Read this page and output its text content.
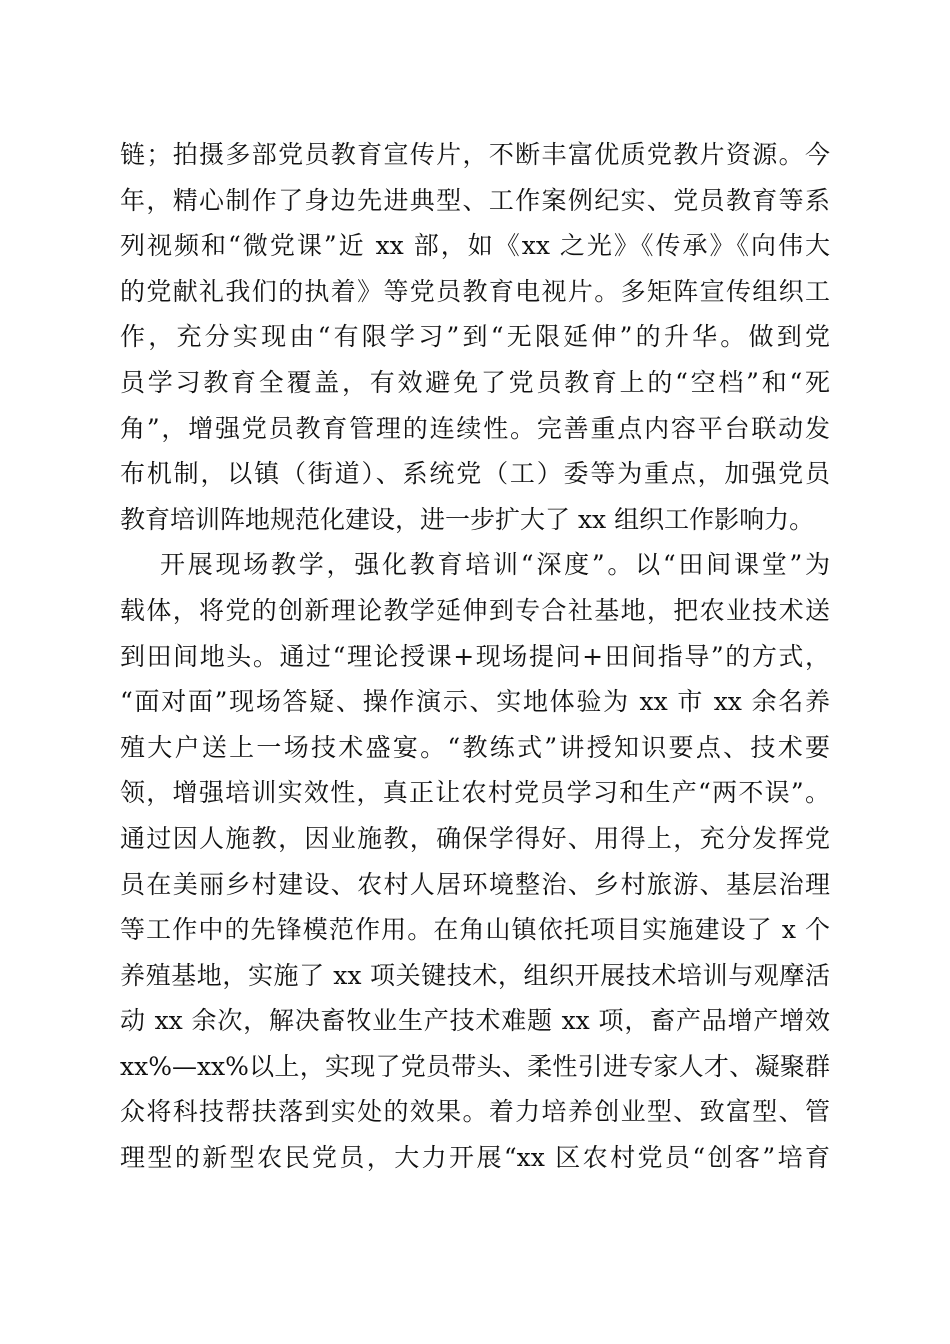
链；拍摄多部党员教育宣传片，不断丰富优质党教片资源。今
年，精心制作了身边先进典型、工作案例纪实、党员教育等系
列视频和“微党课”近 xx 部，如《xx 之光》《传承》《向伟大
的党献礼我们的执着》等党员教育电视片。多矩阵宣传组织工
作，充分实现由“有限学习”到“无限延伸”的升华。做到党
员学习教育全覆盖，有效避免了党员教育上的“空档”和“死
角”，增强党员教育管理的连续性。完善重点内容平台联动发
布机制，以镇（街道）、系统党（工）委等为重点，加强党员
教育培训阵地规范化建设，进一步扩大了 xx 组织工作影响力。
开展现场教学，强化教育培训“深度”。以“田间课堂”为
载体，将党的创新理论教学延伸到专合社基地，把农业技术送
到田间地头。通过“理论授课+现场提问+田间指导”的方式，
“面对面”现场答疑、操作演示、实地体验为 xx 市 xx 余名养
殖大户送上一场技术盛宴。“教练式”讲授知识要点、技术要
领，增强培训实效性，真正让农村党员学习和生产“两不误”。
通过因人施教，因业施教，确保学得好、用得上，充分发挥党
员在美丽乡村建设、农村人居环境整治、乡村旅游、基层治理
等工作中的先锋模范作用。在角山镇依托项目实施建设了 x 个
养殖基地，实施了 xx 项关键技术，组织开展技术培训与观摩活
动 xx 余次，解决畜牧业生产技术难题 xx 项，畜产品增产增效
xx%—xx%以上，实现了党员带头、柔性引进专家人才、凝聚群
众将科技帮扶落到实处的效果。着力培养创业型、致富型、管
理型的新型农民党员，大力开展“xx 区农村党员“创客”培育
